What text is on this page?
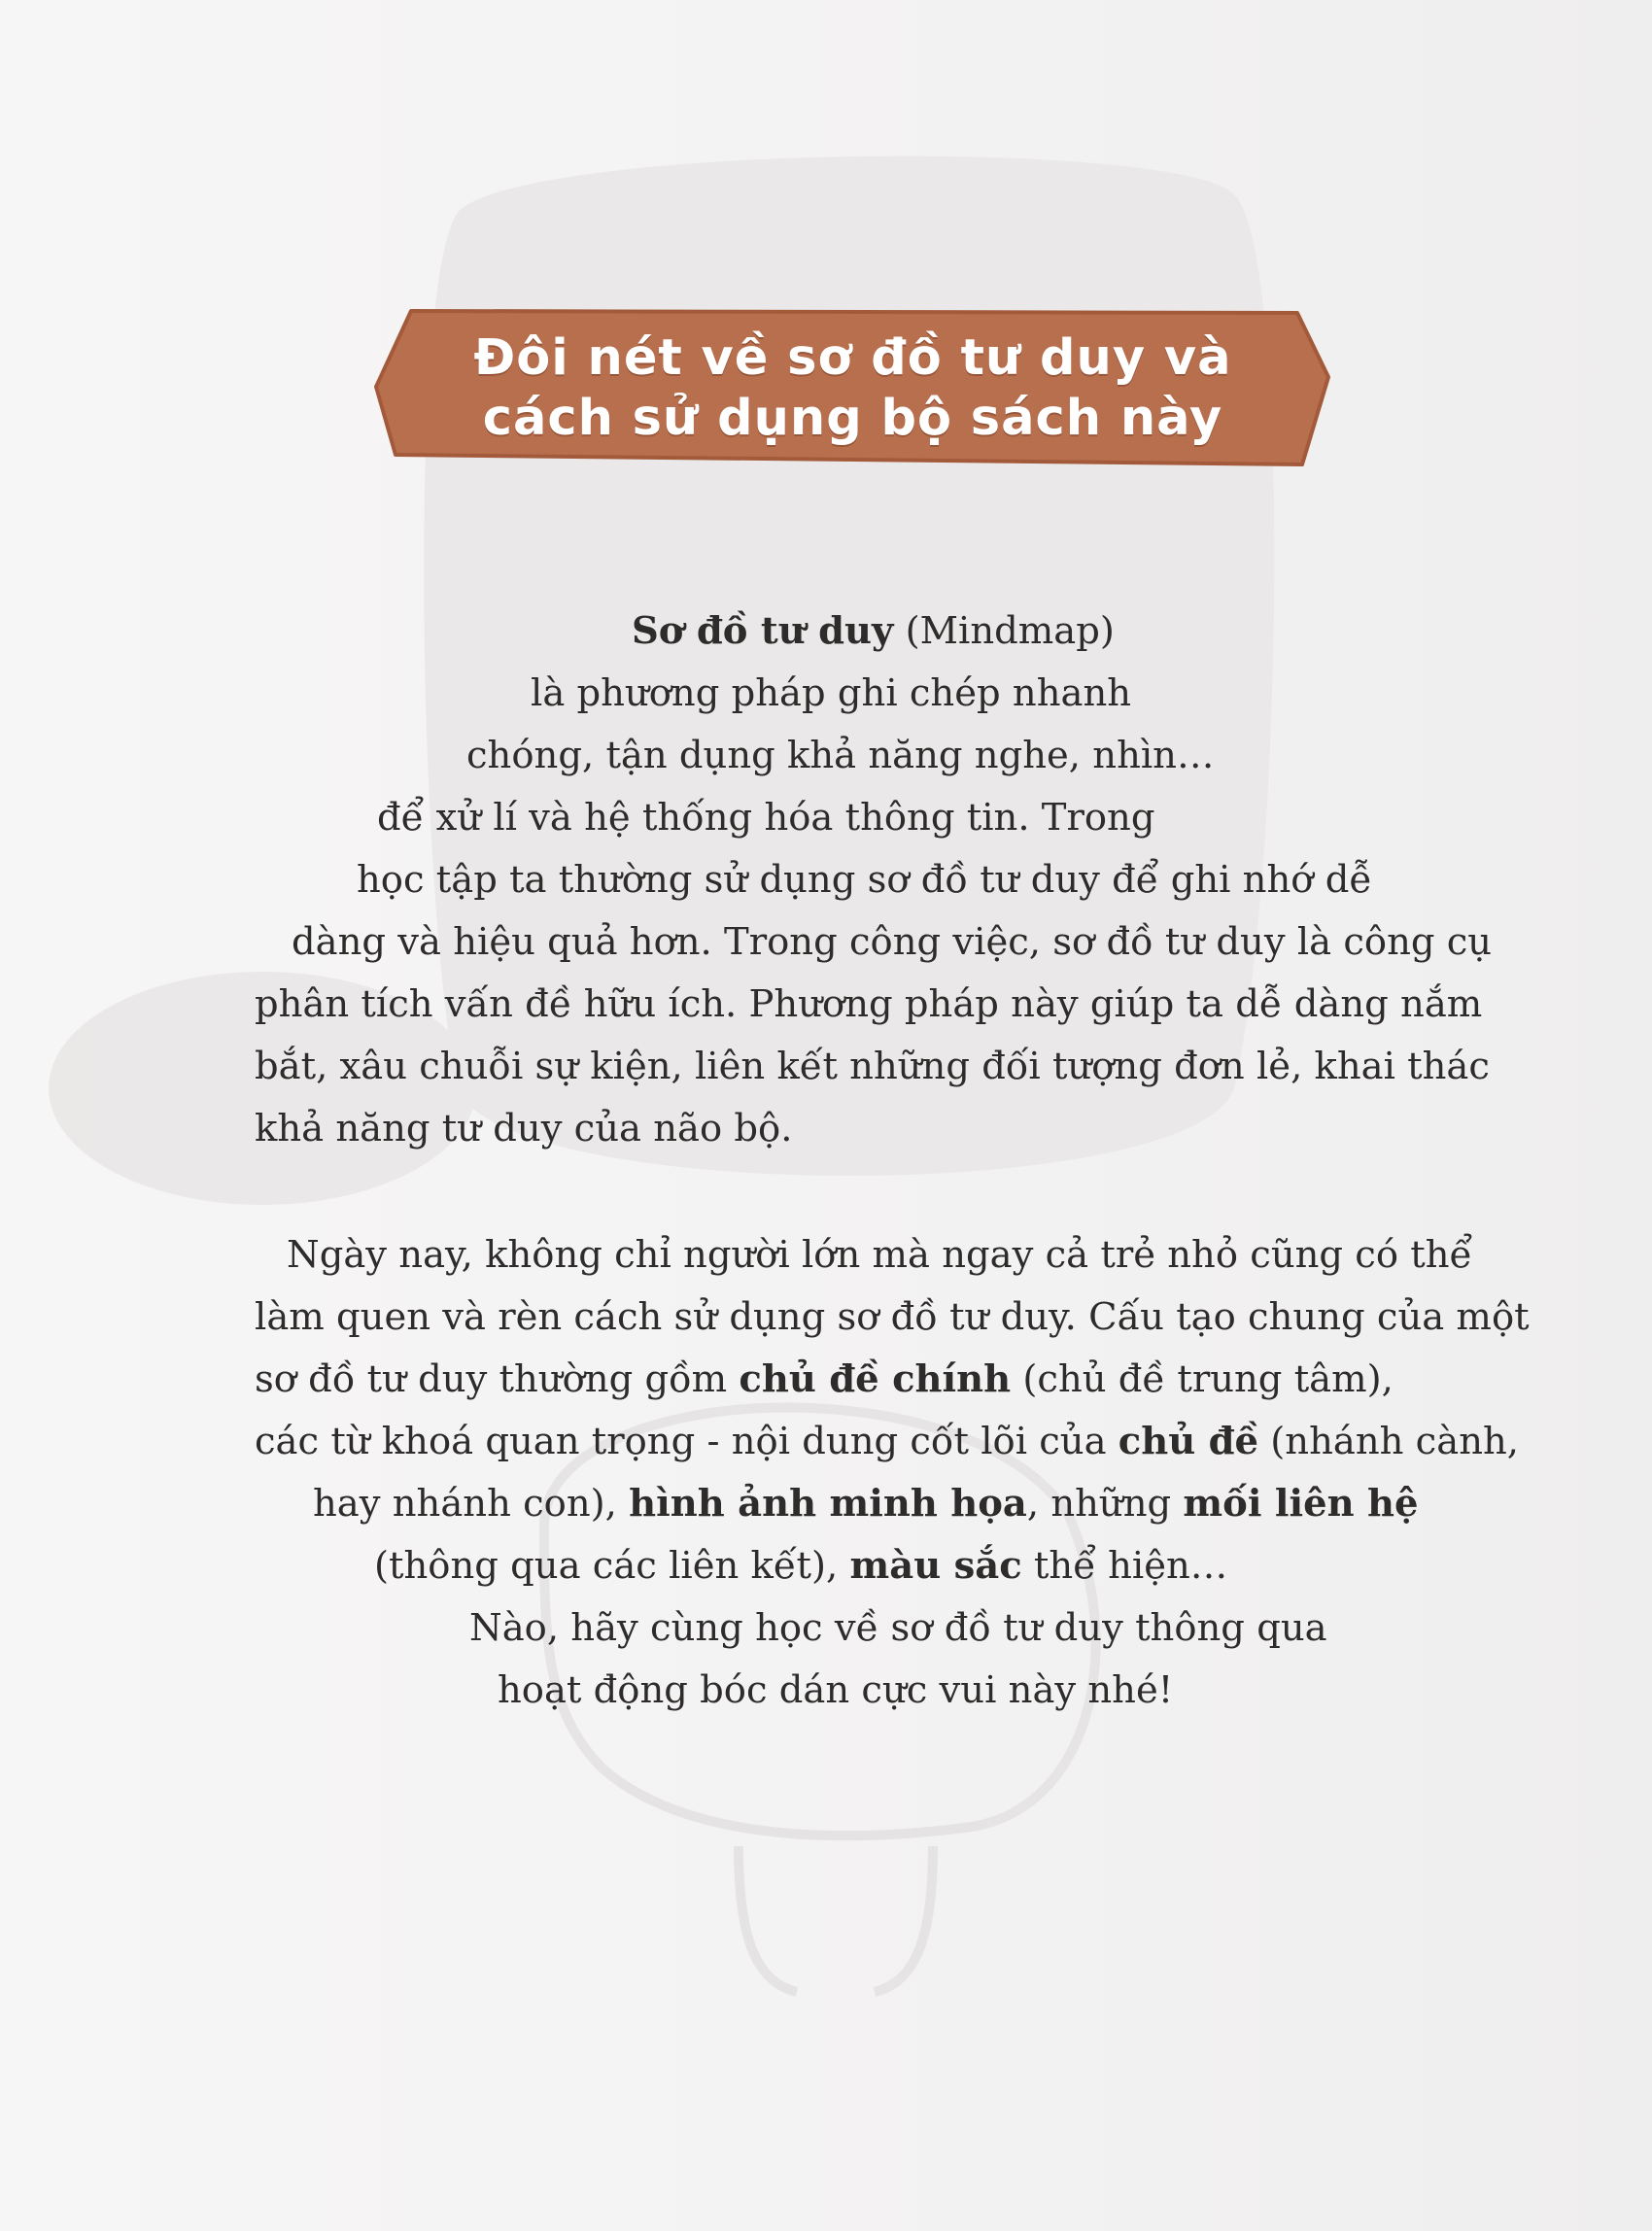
Đôi nét về sơ đồ tư duy và
cách sử dụng bộ sách này
Sơ đồ tư duy (Mindmap)
là phương pháp ghi chép nhanh
chóng, tận dụng khả năng nghe, nhìn…
để xử lí và hệ thống hóa thông tin. Trong
học tập ta thường sử dụng sơ đồ tư duy để ghi nhớ dễ
dàng và hiệu quả hơn. Trong công việc, sơ đồ tư duy là công cụ
phân tích vấn đề hữu ích. Phương pháp này giúp ta dễ dàng nắm
bắt, xâu chuỗi sự kiện, liên kết những đối tượng đơn lẻ, khai thác
khả năng tư duy của não bộ.
Ngày nay, không chỉ người lớn mà ngay cả trẻ nhỏ cũng có thể
làm quen và rèn cách sử dụng sơ đồ tư duy. Cấu tạo chung của một
sơ đồ tư duy thường gồm chủ đề chính (chủ đề trung tâm),
các từ khoá quan trọng - nội dung cốt lõi của chủ đề (nhánh cành,
hay nhánh con), hình ảnh minh họa, những mối liên hệ
(thông qua các liên kết), màu sắc thể hiện…
Nào, hãy cùng học về sơ đồ tư duy thông qua
hoạt động bóc dán cực vui này nhé!
